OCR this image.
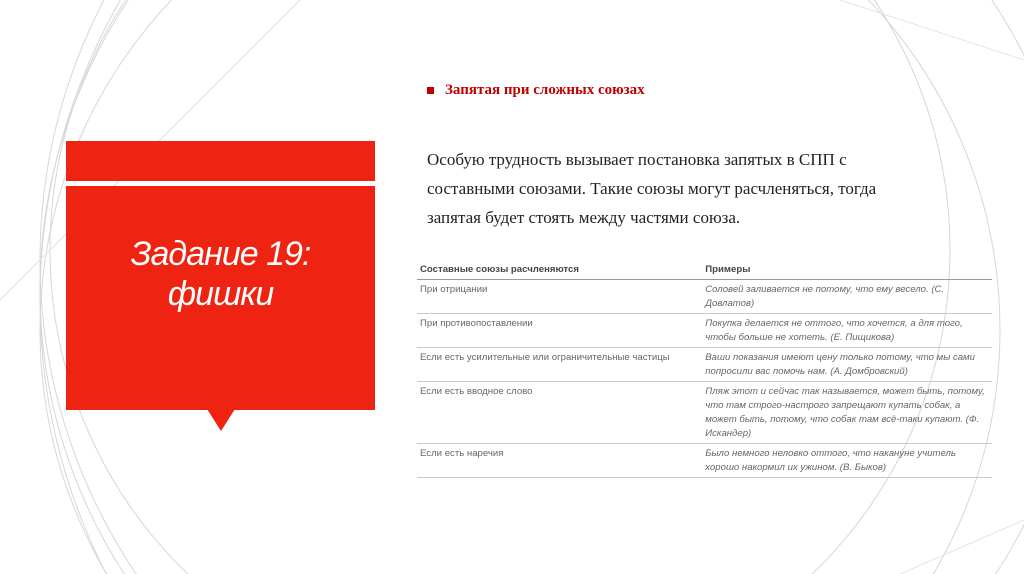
Задание 19:
фишки
Запятая при сложных союзах
Особую трудность вызывает постановка запятых в СПП с
составными союзами. Такие союзы могут расчленяться, тогда
запятая будет стоять между частями союза.
Составные союзы расчленяются	Примеры
При отрицании	Соловей заливается не потому, что ему весело. (С. Довлатов)
При противопоставлении	Покупка делается не оттого, что хочется, а для того, чтобы больше не хотеть. (Е. Пищикова)
Если есть усилительные или ограничительные частицы	Ваши показания имеют цену только потому, что мы сами попросили вас помочь нам. (А. Домбровский)
Если есть вводное слово	Пляж этот и сейчас так называется, может быть, потому, что там строго-настрого запрещают купать собак, а может быть, потому, что собак там всё-таки купают. (Ф. Искандер)
Если есть наречия	Было немного неловко оттого, что накануне учитель хорошо накормил их ужином. (В. Быков)
